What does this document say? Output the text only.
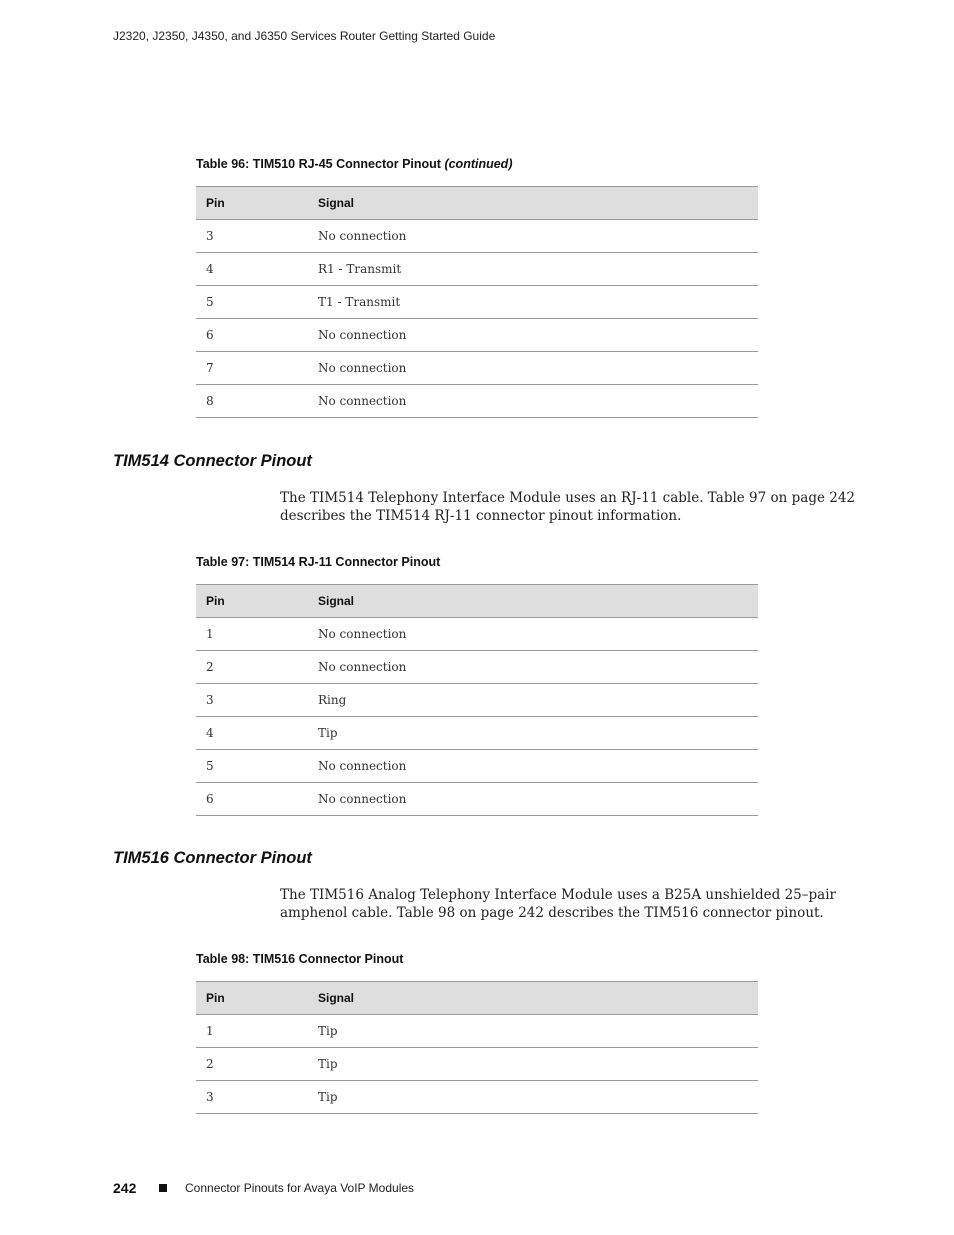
J2320, J2350, J4350, and J6350 Services Router Getting Started Guide

Table 96: TIM510 RJ-45 Connector Pinout (continued)

Pin	Signal
3	No connection
4	R1 - Transmit
5	T1 - Transmit
6	No connection
7	No connection
8	No connection
TIM514 Connector Pinout

The TIM514 Telephony Interface Module uses an RJ-11 cable. Table 97 on page 242 describes the TIM514 RJ-11 connector pinout information.

Table 97: TIM514 RJ-11 Connector Pinout

Pin	Signal
1	No connection
2	No connection
3	Ring
4	Tip
5	No connection
6	No connection
TIM516 Connector Pinout

The TIM516 Analog Telephony Interface Module uses a B25A unshielded 25–pair amphenol cable. Table 98 on page 242 describes the TIM516 connector pinout.

Table 98: TIM516 Connector Pinout

Pin	Signal
1	Tip
2	Tip
3	Tip
242	Connector Pinouts for Avaya VoIP Modules
